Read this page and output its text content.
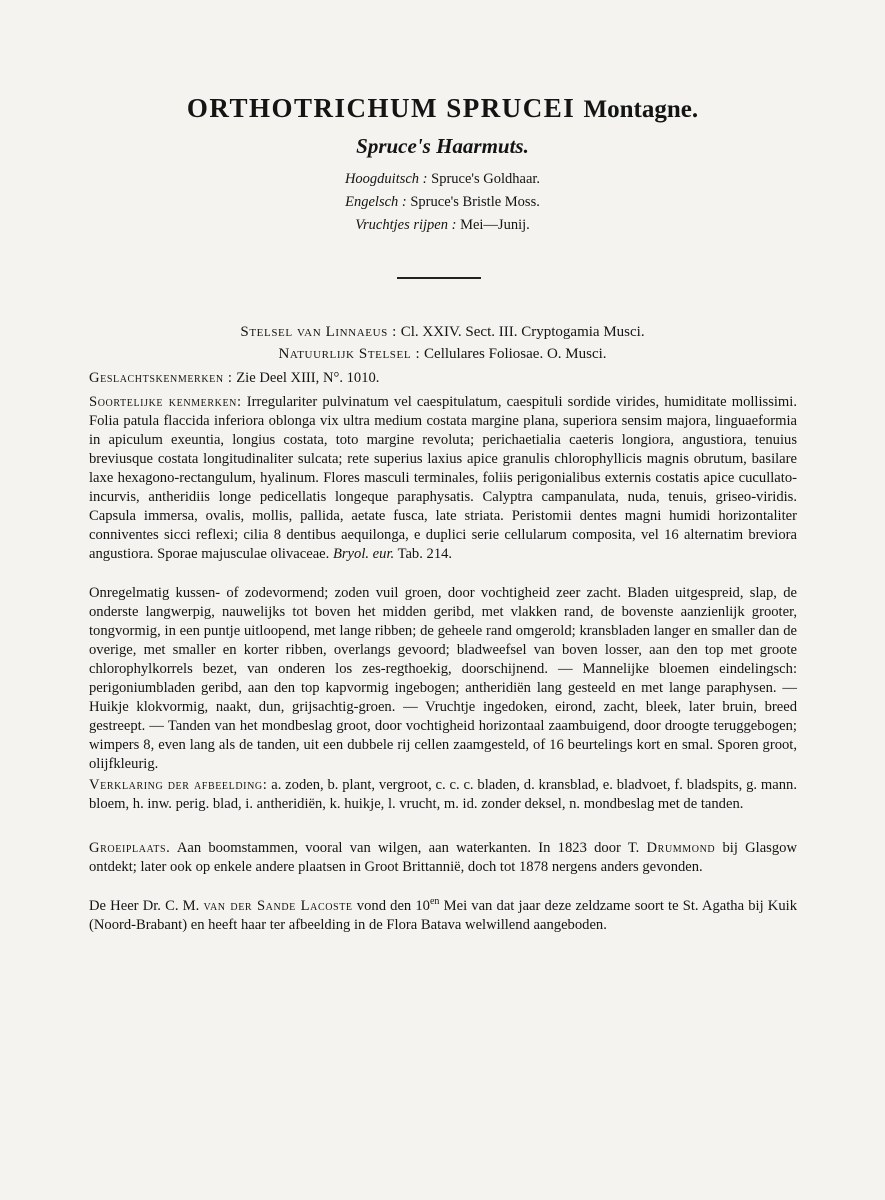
ORTHOTRICHUM SPRUCEI Montagne.
Spruce's Haarmuts.
Hoogduitsch : Spruce's Goldhaar.
Engelsch : Spruce's Bristle Moss.
Vruchtjes rijpen : Mei—Junij.
Stelsel van Linnaeus : Cl. XXIV. Sect. III. Cryptogamia Musci.
Natuurlijk Stelsel : Cellulares Foliosae. O. Musci.
Geslachtskenmerken : Zie Deel XIII, N°. 1010.

Soortelijke kenmerken: Irregulariter pulvinatum vel caespitulatum, caespituli sordide virides, humiditate mollissimi. Folia patula flaccida inferiora oblonga vix ultra medium costata margine plana, superiora sensim majora, linguaeformia in apiculum exeuntia, longius costata, toto margine revoluta; perichaetialia caeteris longiora, angustiora, tenuius breviusque costata longitudinaliter sulcata; rete superius laxius apice granulis chlorophyllicis magnis obrutum, basilare laxe hexagono-rectangulum, hyalinum. Flores masculi terminales, foliis perigonialibus externis costatis apice cucullato-incurvis, antheridiis longe pedicellatis longeque paraphysatis. Calyptra campanulata, nuda, tenuis, griseo-viridis. Capsula immersa, ovalis, mollis, pallida, aetate fusca, late striata. Peristomii dentes magni humidi horizontaliter conniventes sicci reflexi; cilia 8 dentibus aequilonga, e duplici serie cellularum composita, vel 16 alternatim breviora angustiora. Sporae majusculae olivaceae. Bryol. eur. Tab. 214.

Onregelmatig kussen- of zodevormend; zoden vuil groen, door vochtigheid zeer zacht. Bladen uitgespreid, slap, de onderste langwerpig, nauwelijks tot boven het midden geribd, met vlakken rand, de bovenste aanzienlijk grooter, tongvormig, in een puntje uitloopend, met lange ribben; de geheele rand omgerold; kransbladen langer en smaller dan de overige, met smaller en korter ribben, overlangs gevoord; bladweefsel van boven losser, aan den top met groote chlorophylkorrels bezet, van onderen los zes-regthoekig, doorschijnend. — Mannelijke bloemen eindelingsch: perigoniumbladen geribd, aan den top kapvormig ingebogen; antheridiën lang gesteeld en met lange paraphysen. — Huikje klokvormig, naakt, dun, grijsachtig-groen. — Vruchtje ingedoken, eirond, zacht, bleek, later bruin, breed gestreept. — Tanden van het mondbeslag groot, door vochtigheid horizontaal zaambuigend, door droogte teruggebogen; wimpers 8, even lang als de tanden, uit een dubbele rij cellen zaamgesteld, of 16 beurtelings kort en smal. Sporen groot, olijfkleurig.

Verklaring der afbeelding: a. zoden, b. plant, vergroot, c. c. c. bladen, d. kransblad, e. bladvoet, f. bladspits, g. mann. bloem, h. inw. perig. blad, i. antheridiën, k. huikje, l. vrucht, m. id. zonder deksel, n. mondbeslag met de tanden.

Groeiplaats. Aan boomstammen, vooral van wilgen, aan waterkanten. In 1823 door T. Drummond bij Glasgow ontdekt; later ook op enkele andere plaatsen in Groot Brittannië, doch tot 1878 nergens anders gevonden.

De Heer Dr. C. M. van der Sande Lacoste vond den $10^{en}$ Mei van dat jaar deze zeldzame soort te St. Agatha bij Kuik (Noord-Brabant) en heeft haar ter afbeelding in de Flora Batava welwillend aangeboden.
